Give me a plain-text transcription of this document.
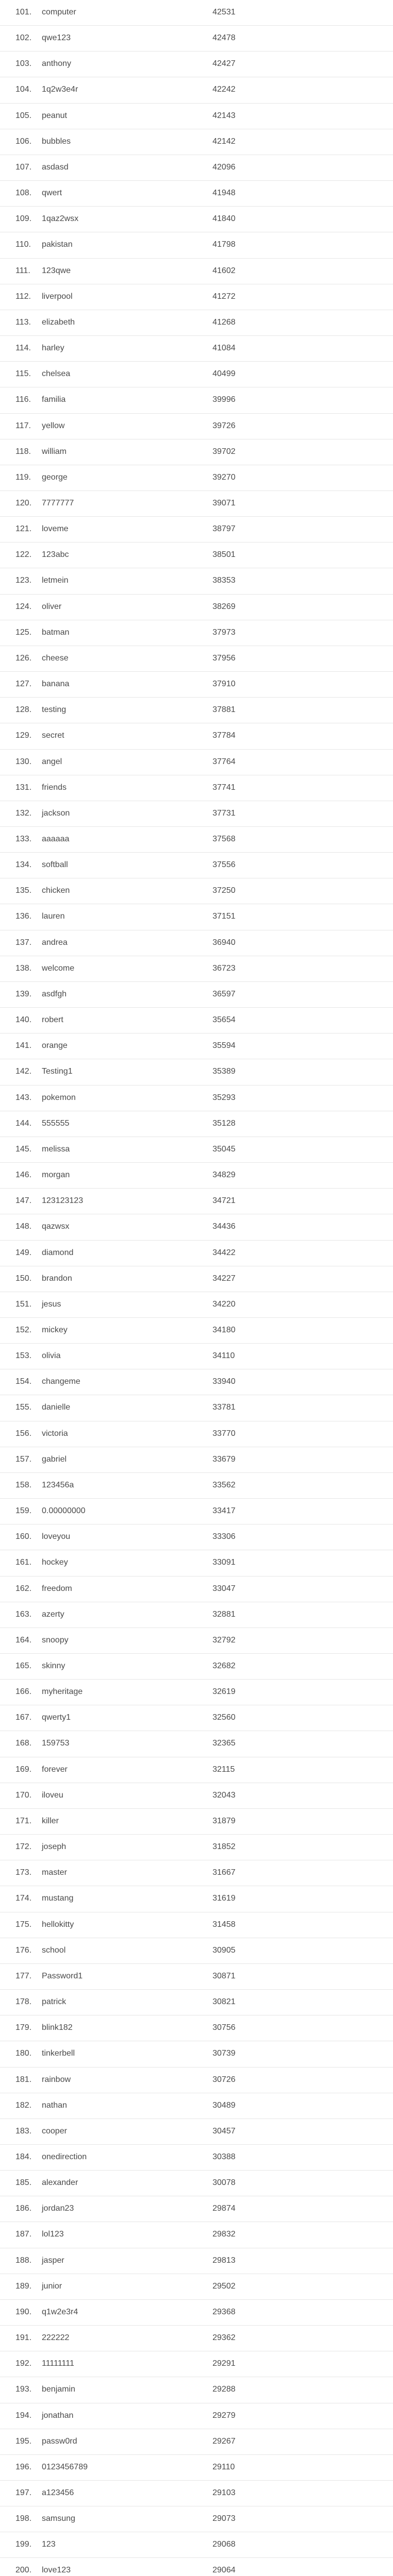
101. computer	42531
102. qwe123	42478
103. anthony	42427
104. 1q2w3e4r	42242
105. peanut	42143
106. bubbles	42142
107. asdasd	42096
108. qwert	41948
109. 1qaz2wsx	41840
110. pakistan	41798
111. 123qwe	41602
112. liverpool	41272
113. elizabeth	41268
114. harley	41084
115. chelsea	40499
116. familia	39996
117. yellow	39726
118. william	39702
119. george	39270
120. 7777777	39071
121. loveme	38797
122. 123abc	38501
123. letmein	38353
124. oliver	38269
125. batman	37973
126. cheese	37956
127. banana	37910
128. testing	37881
129. secret	37784
130. angel	37764
131. friends	37741
132. jackson	37731
133. aaaaaa	37568
134. softball	37556
135. chicken	37250
136. lauren	37151
137. andrea	36940
138. welcome	36723
139. asdfgh	36597
140. robert	35654
141. orange	35594
142. Testing1	35389
143. pokemon	35293
144. 555555	35128
145. melissa	35045
146. morgan	34829
147. 123123123	34721
148. qazwsx	34436
149. diamond	34422
150. brandon	34227
151. jesus	34220
152. mickey	34180
153. olivia	34110
154. changeme	33940
155. danielle	33781
156. victoria	33770
157. gabriel	33679
158. 123456a	33562
159. 0.00000000	33417
160. loveyou	33306
161. hockey	33091
162. freedom	33047
163. azerty	32881
164. snoopy	32792
165. skinny	32682
166. myheritage	32619
167. qwerty1	32560
168. 159753	32365
169. forever	32115
170. iloveu	32043
171. killer	31879
172. joseph	31852
173. master	31667
174. mustang	31619
175. hellokitty	31458
176. school	30905
177. Password1	30871
178. patrick	30821
179. blink182	30756
180. tinkerbell	30739
181. rainbow	30726
182. nathan	30489
183. cooper	30457
184. onedirection	30388
185. alexander	30078
186. jordan23	29874
187. lol123	29832
188. jasper	29813
189. junior	29502
190. q1w2e3r4	29368
191. 222222	29362
192. 11111111	29291
193. benjamin	29288
194. jonathan	29279
195. passw0rd	29267
196. 0123456789	29110
197. a123456	29103
198. samsung	29073
199. 123	29068
200. love123	29064
